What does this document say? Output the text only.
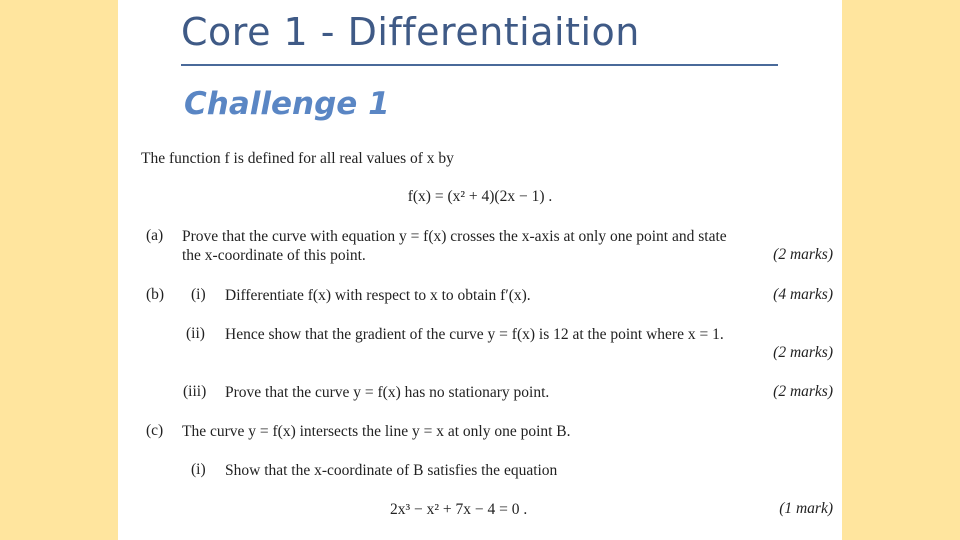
Core 1 - Differentiaition
Challenge 1
The function f is defined for all real values of x by
f(x) = (x² + 4)(2x − 1) .
(a) Prove that the curve with equation y = f(x) crosses the x-axis at only one point and state
the x-coordinate of this point.	(2 marks)
(b) (i) Differentiate f(x) with respect to x to obtain f′(x).	(4 marks)
(ii) Hence show that the gradient of the curve y = f(x) is 12 at the point where x = 1.
(2 marks)
(iii) Prove that the curve y = f(x) has no stationary point.	(2 marks)
(c) The curve y = f(x) intersects the line y = x at only one point B.
(i) Show that the x-coordinate of B satisfies the equation
2x³ − x² + 7x − 4 = 0 .	(1 mark)
